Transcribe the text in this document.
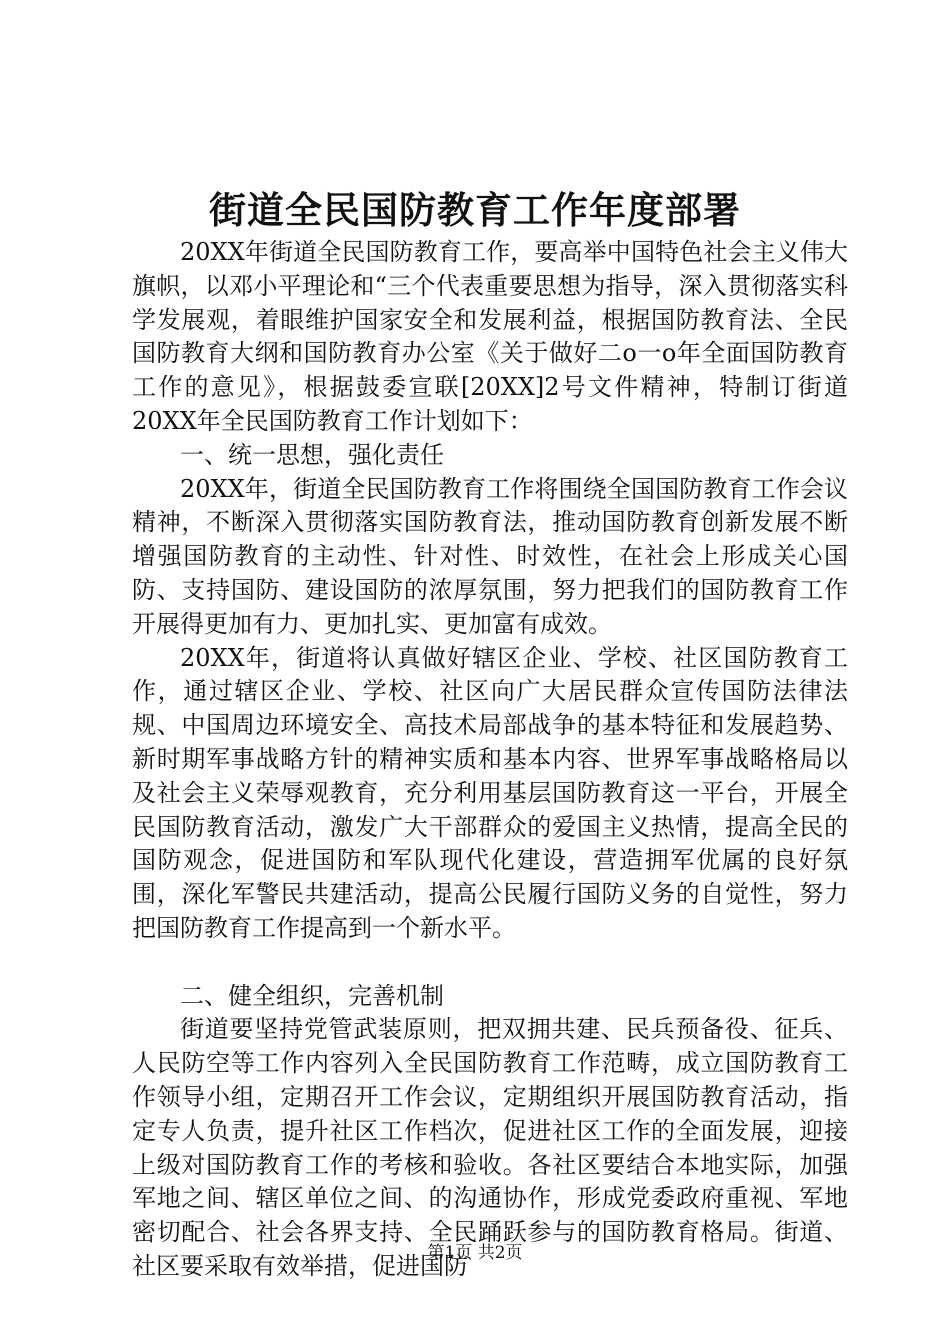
街道全民国防教育工作年度部署

20XX年街道全民国防教育工作，要高举中国特色社会主义伟大旗帜，以邓小平理论和“三个代表重要思想为指导，深入贯彻落实科学发展观，着眼维护国家安全和发展利益，根据国防教育法、全民国防教育大纲和国防教育办公室《关于做好二o一o年全面国防教育工作的意见》，根据鼓委宣联[20XX]2号文件精神，特制订街道20XX年全民国防教育工作计划如下：

一、统一思想，强化责任

20XX年，街道全民国防教育工作将围绕全国国防教育工作会议精神，不断深入贯彻落实国防教育法，推动国防教育创新发展不断增强国防教育的主动性、针对性、时效性，在社会上形成关心国防、支持国防、建设国防的浓厚氛围，努力把我们的国防教育工作开展得更加有力、更加扎实、更加富有成效。

20XX年，街道将认真做好辖区企业、学校、社区国防教育工作，通过辖区企业、学校、社区向广大居民群众宣传国防法律法规、中国周边环境安全、高技术局部战争的基本特征和发展趋势、新时期军事战略方针的精神实质和基本内容、世界军事战略格局以及社会主义荣辱观教育，充分利用基层国防教育这一平台，开展全民国防教育活动，激发广大干部群众的爱国主义热情，提高全民的国防观念，促进国防和军队现代化建设，营造拥军优属的良好氛围，深化军警民共建活动，提高公民履行国防义务的自觉性，努力把国防教育工作提高到一个新水平。

二、健全组织，完善机制

街道要坚持党管武装原则，把双拥共建、民兵预备役、征兵、人民防空等工作内容列入全民国防教育工作范畴，成立国防教育工作领导小组，定期召开工作会议，定期组织开展国防教育活动，指定专人负责，提升社区工作档次，促进社区工作的全面发展，迎接上级对国防教育工作的考核和验收。各社区要结合本地实际，加强军地之间、辖区单位之间、的沟通协作，形成党委政府重视、军地密切配合、社会各界支持、全民踊跃参与的国防教育格局。街道、社区要采取有效举措，促进国防

第1页 共2页
